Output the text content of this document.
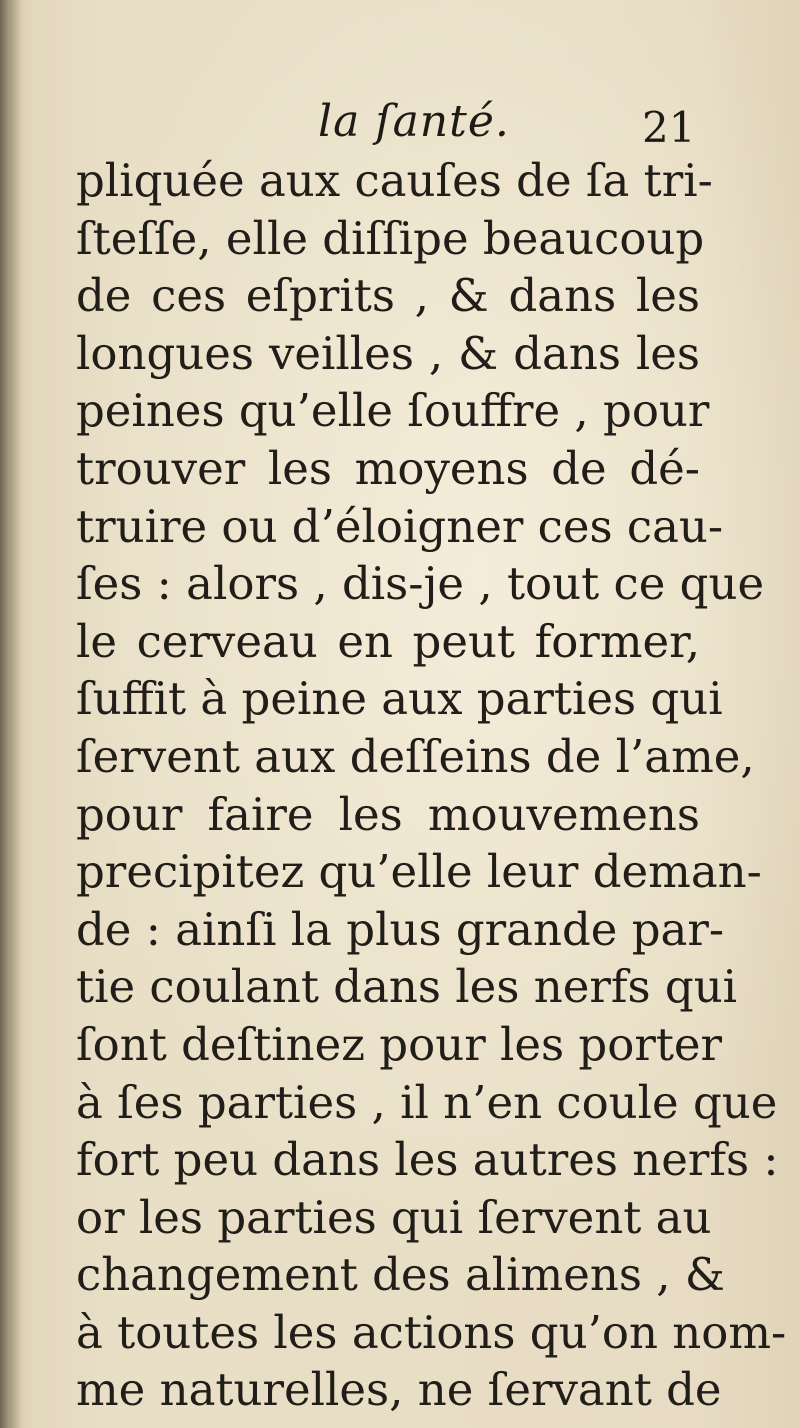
la ſanté.	21
pliquée aux cauſes de ſa tri-
ſteſſe, elle diſſipe beaucoup
de ces eſprits , & dans les
longues veilles , & dans les
peines qu’elle ſouffre , pour
trouver les moyens de dé-
truire ou d’éloigner ces cau-
ſes : alors , dis-je , tout ce que
le cerveau en peut former,
ſuffit à peine aux parties qui
ſervent aux deſſeins de l’ame,
pour faire les mouvemens
precipitez qu’elle leur deman-
de : ainſi la plus grande par-
tie coulant dans les nerfs qui
ſont deſtinez pour les porter
à ſes parties , il n’en coule que
fort peu dans les autres nerfs :
or les parties qui ſervent au
changement des alimens , &
à toutes les actions qu’on nom-
me naturelles, ne ſervant de
